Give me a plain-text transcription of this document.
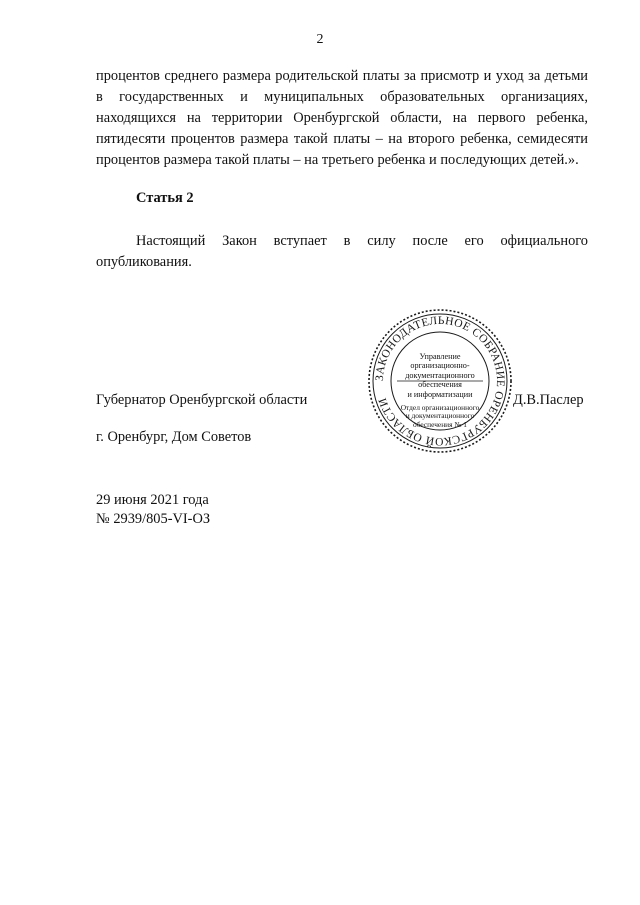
2

процентов среднего размера родительской платы за присмотр и уход за детьми в государственных и муниципальных образовательных организациях, находящихся на территории Оренбургской области, на первого ребенка, пятидесяти процентов размера такой платы – на второго ребенка, семидесяти процентов размера такой платы – на третьего ребенка и последующих детей.».

Статья 2

Настоящий Закон вступает в силу после его официального опубликования.

Губернатор Оренбургской области	Д.В.Паслер
г. Оренбург, Дом Советов
29 июня 2021 года
№ 2939/805-VI-ОЗ
ЗАКОНОДАТЕЛЬНОЕ СОБРАНИЕ ОРЕНБУРГСКОЙ ОБЛАСТИ
Управление
организационно-
документационного
обеспечения
и информатизации
Отдел организационного
и документационного
обеспечения № 1
